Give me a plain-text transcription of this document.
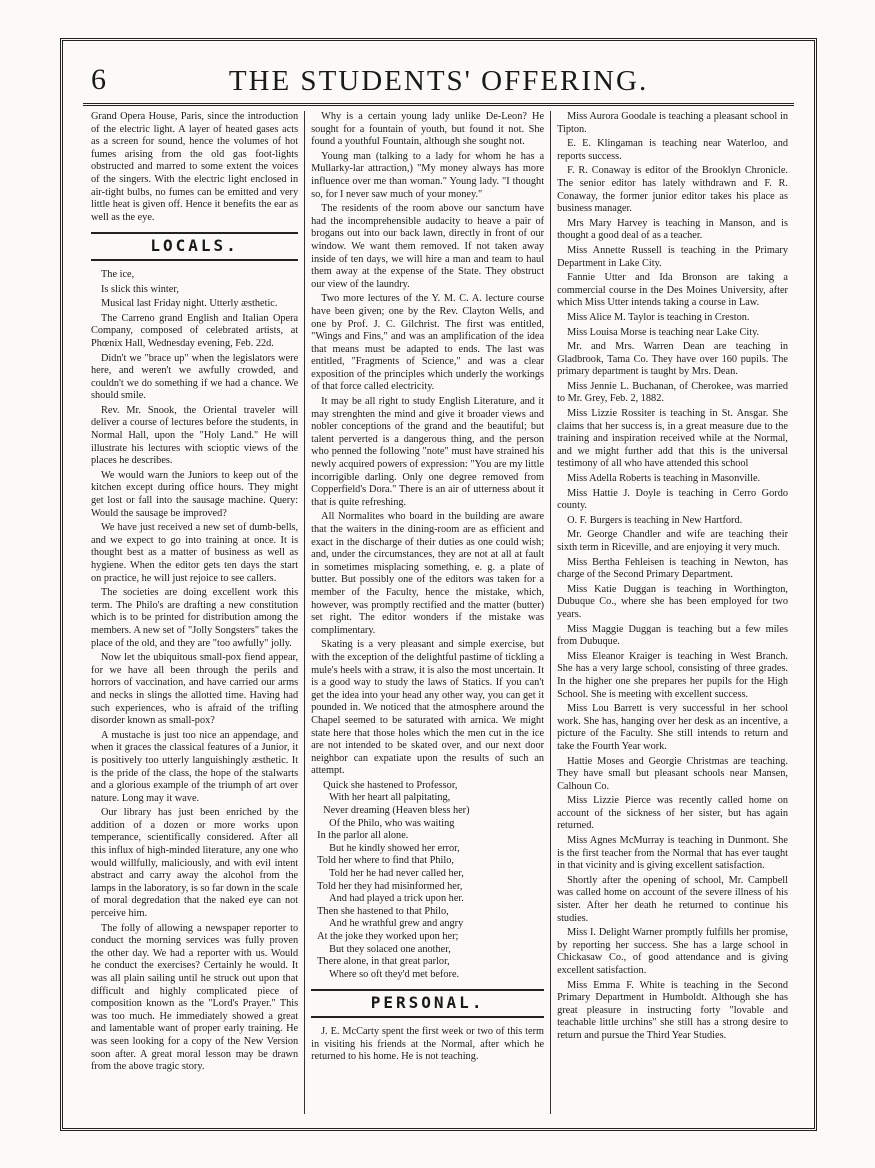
6	THE STUDENTS' OFFERING.

Grand Opera House, Paris, since the introduction of the electric light. A layer of heated gases acts as a screen for sound, hence the volumes of hot fumes arising from the old gas foot-lights obstructed and marred to some extent the voices of the singers. With the electric light enclosed in air-tight bulbs, no fumes can be emitted and very little heat is given off. Hence it benefits the ear as well as the eye.

LOCALS.

The ice,

Is slick this winter,

Musical last Friday night. Utterly æsthetic.

The Carreno grand English and Italian Opera Company, composed of celebrated artists, at Phœnix Hall, Wednesday evening, Feb. 22d.

Didn't we "brace up" when the legislators were here, and weren't we awfully crowded, and couldn't we do something if we had a chance. We should smile.

Rev. Mr. Snook, the Oriental traveler will deliver a course of lectures before the students, in Normal Hall, upon the "Holy Land." He will illustrate his lectures with scioptic views of the places he describes.

We would warn the Juniors to keep out of the kitchen except during office hours. They might get lost or fall into the sausage machine. Query: Would the sausage be improved?

We have just received a new set of dumb-bells, and we expect to go into training at once. It is thought best as a matter of business as well as hygiene. When the editor gets ten days the start on practice, he will just rejoice to see callers.

The societies are doing excellent work this term. The Philo's are drafting a new constitution which is to be printed for distribution among the members. A new set of "Jolly Songsters" takes the place of the old, and they are "too awfully" jolly.

Now let the ubiquitous small-pox fiend appear, for we have all been through the perils and horrors of vaccination, and have carried our arms and necks in slings the allotted time. Having had such experiences, who is afraid of the trifling disorder known as small-pox?

A mustache is just too nice an appendage, and when it graces the classical features of a Junior, it is positively too utterly languishingly æsthetic. It is the pride of the class, the hope of the stalwarts and a glorious example of the triumph of art over nature. Long may it wave.

Our library has just been enriched by the addition of a dozen or more works upon temperance, scientifically considered. After all this influx of high-minded literature, any one who would willfully, maliciously, and with evil intent abstract and carry away the alcohol from the lamps in the laboratory, is so far down in the scale of moral degredation that the naked eye can not perceive him.

The folly of allowing a newspaper reporter to conduct the morning services was fully proven the other day. We had a reporter with us. Would he conduct the exercises? Certainly he would. It was all plain sailing until he struck out upon that difficult and highly complicated piece of composition known as the "Lord's Prayer." This was too much. He immediately showed a great and lamentable want of proper early training. He was seen looking for a copy of the New Version soon after. A great moral lesson may be drawn from the above tragic story.

Why is a certain young lady unlike De-Leon? He sought for a fountain of youth, but found it not. She found a youthful Fountain, although she sought not.

Young man (talking to a lady for whom he has a Mullarky-lar attraction,) "My money always has more influence over me than woman." Young lady. "I thought so, for I never saw much of your money."

The residents of the room above our sanctum have had the incomprehensible audacity to heave a pair of brogans out into our back lawn, directly in front of our window. We want them removed. If not taken away inside of ten days, we will hire a man and team to haul them away at the expense of the State. They obstruct our view of the laundry.

Two more lectures of the Y. M. C. A. lecture course have been given; one by the Rev. Clayton Wells, and one by Prof. J. C. Gilchrist. The first was entitled, "Wings and Fins," and was an amplification of the idea that means must be adapted to ends. The last was entitled, "Fragments of Science," and was a clear exposition of the principles which underly the workings of that force called electricity.

It may be all right to study English Literature, and it may strenghten the mind and give it broader views and nobler conceptions of the grand and the beautiful; but talent perverted is a dangerous thing, and the person who penned the following "note" must have strained his newly acquired powers of expression: "You are my little incorrigible darling. Only one degree removed from Copperfield's Dora." There is an air of utterness about it that is quite refreshing.

All Normalites who board in the building are aware that the waiters in the dining-room are as efficient and exact in the discharge of their duties as one could wish; and, under the circumstances, they are not at all at fault in sometimes misplacing something, e. g. a plate of butter. But possibly one of the editors was taken for a member of the Faculty, hence the mistake, which, however, was promptly rectified and the matter (butter) set right. The editor wonders if the mistake was complimentary.

Skating is a very pleasant and simple exercise, but with the exception of the delightful pastime of tickling a mule's heels with a straw, it is also the most uncertain. It is a good way to study the laws of Statics. If you can't get the idea into your head any other way, you can get it pounded in. We noticed that the atmosphere around the Chapel seemed to be saturated with arnica. We might state here that those holes which the men cut in the ice are not intended to be skated over, and our next door neighbor can expatiate upon the results of such an attempt.

Quick she hastened to Professor,
With her heart all palpitating,
Never dreaming (Heaven bless her)
Of the Philo, who was waiting
In the parlor all alone.
But he kindly showed her error,
Told her where to find that Philo,
Told her he had never called her,
Told her they had misinformed her,
And had played a trick upon her.
Then she hastened to that Philo,
And he wrathful grew and angry
At the joke they worked upon her;
But they solaced one another,
There alone, in that great parlor,
Where so oft they'd met before.
PERSONAL.

J. E. McCarty spent the first week or two of this term in visiting his friends at the Normal, after which he returned to his home. He is not teaching.

Miss Aurora Goodale is teaching a pleasant school in Tipton.

E. E. Klingaman is teaching near Waterloo, and reports success.

F. R. Conaway is editor of the Brooklyn Chronicle. The senior editor has lately withdrawn and F. R. Conaway, the former junior editor takes his place as business manager.

Mrs Mary Harvey is teaching in Manson, and is thought a good deal of as a teacher.

Miss Annette Russell is teaching in the Primary Department in Lake City.

Fannie Utter and Ida Bronson are taking a commercial course in the Des Moines University, after which Miss Utter intends taking a course in Law.

Miss Alice M. Taylor is teaching in Creston.

Miss Louisa Morse is teaching near Lake City.

Mr. and Mrs. Warren Dean are teaching in Gladbrook, Tama Co. They have over 160 pupils. The primary department is taught by Mrs. Dean.

Miss Jennie L. Buchanan, of Cherokee, was married to Mr. Grey, Feb. 2, 1882.

Miss Lizzie Rossiter is teaching in St. Ansgar. She claims that her success is, in a great measure due to the training and inspiration received while at the Normal, and we might further add that this is the universal testimony of all who have attended this school

Miss Adella Roberts is teaching in Masonville.

Miss Hattie J. Doyle is teaching in Cerro Gordo county.

O. F. Burgers is teaching in New Hartford.

Mr. George Chandler and wife are teaching their sixth term in Riceville, and are enjoying it very much.

Miss Bertha Fehleisen is teaching in Newton, has charge of the Second Primary Department.

Miss Katie Duggan is teaching in Worthington, Dubuque Co., where she has been employed for two years.

Miss Maggie Duggan is teaching but a few miles from Dubuque.

Miss Eleanor Kraiger is teaching in West Branch. She has a very large school, consisting of three grades. In the higher one she prepares her pupils for the High School. She is meeting with excellent success.

Miss Lou Barrett is very successful in her school work. She has, hanging over her desk as an incentive, a picture of the Faculty. She still intends to return and take the Fourth Year work.

Hattie Moses and Georgie Christmas are teaching. They have small but pleasant schools near Mansen, Calhoun Co.

Miss Lizzie Pierce was recently called home on account of the sickness of her sister, but has again returned.

Miss Agnes McMurray is teaching in Dunmont. She is the first teacher from the Normal that has ever taught in that vicinity and is giving excellent satisfaction.

Shortly after the opening of school, Mr. Campbell was called home on account of the severe illness of his sister. After her death he returned to continue his studies.

Miss I. Delight Warner promptly fulfills her promise, by reporting her success. She has a large school in Chickasaw Co., of good attendance and is giving excellent satisfaction.

Miss Emma F. White is teaching in the Second Primary Department in Humboldt. Although she has great pleasure in instructing forty "lovable and teachable little urchins" she still has a strong desire to return and pursue the Third Year Studies.
